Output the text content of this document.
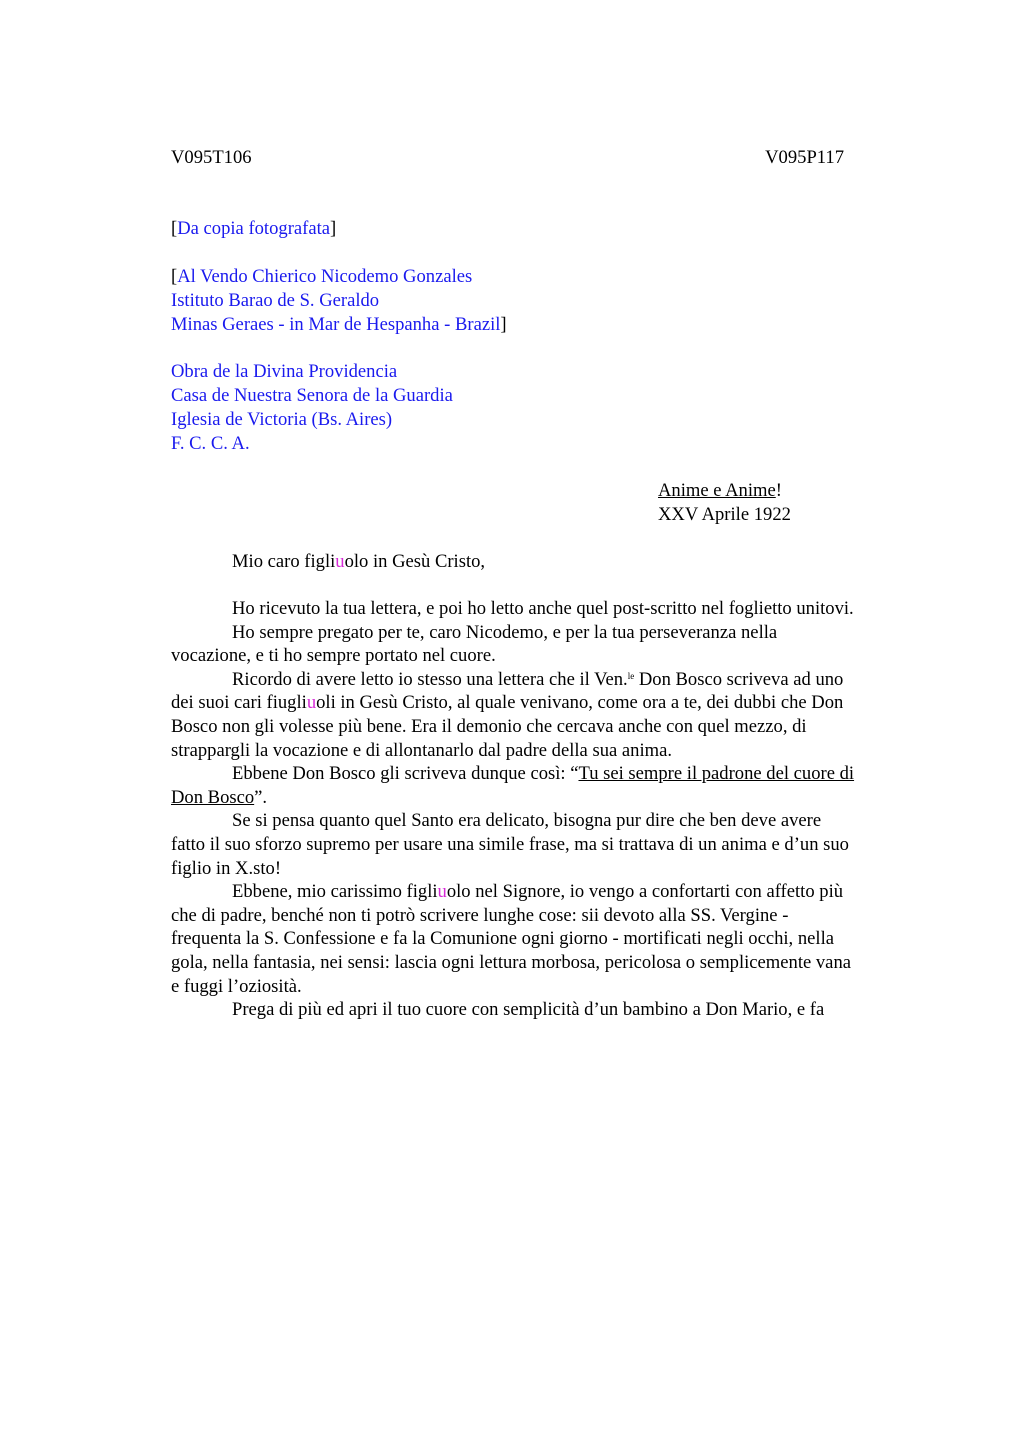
V095T106	V095P117
[Da copia fotografata]
[Al Vendo Chierico Nicodemo Gonzales
Istituto Barao de S. Geraldo
Minas Geraes - in Mar de Hespanha - Brazil]
Obra de la Divina Providencia
Casa de Nuestra Senora de la Guardia
Iglesia de Victoria (Bs. Aires)
F. C. C. A.
Anime e Anime!
XXV Aprile 1922
Mio caro figliuolo in Gesù Cristo,
Ho ricevuto la tua lettera, e poi ho letto anche quel post-scritto nel foglietto unitovi.
Ho sempre pregato per te, caro Nicodemo, e per la tua perseveranza nella
vocazione, e ti ho sempre portato nel cuore.
Ricordo di avere letto io stesso una lettera che il Ven.$^{le}$ Don Bosco scriveva ad uno
dei suoi cari fiugliuoli in Gesù Cristo, al quale venivano, come ora a te, dei dubbi che Don
Bosco non gli volesse più bene. Era il demonio che cercava anche con quel mezzo, di
strappargli la vocazione e di allontanarlo dal padre della sua anima.
Ebbene Don Bosco gli scriveva dunque così: “Tu sei sempre il padrone del cuore di
Don Bosco”.
Se si pensa quanto quel Santo era delicato, bisogna pur dire che ben deve avere
fatto il suo sforzo supremo per usare una simile frase, ma si trattava di un anima e d’un suo
figlio in X.sto!
Ebbene, mio carissimo figliuolo nel Signore, io vengo a confortarti con affetto più
che di padre, benché non ti potrò scrivere lunghe cose: sii devoto alla SS. Vergine -
frequenta la S. Confessione e fa la Comunione ogni giorno - mortificati negli occhi, nella
gola, nella fantasia, nei sensi: lascia ogni lettura morbosa, pericolosa o semplicemente vana
e fuggi l’oziosità.
Prega di più ed apri il tuo cuore con semplicità d’un bambino a Don Mario, e fa
